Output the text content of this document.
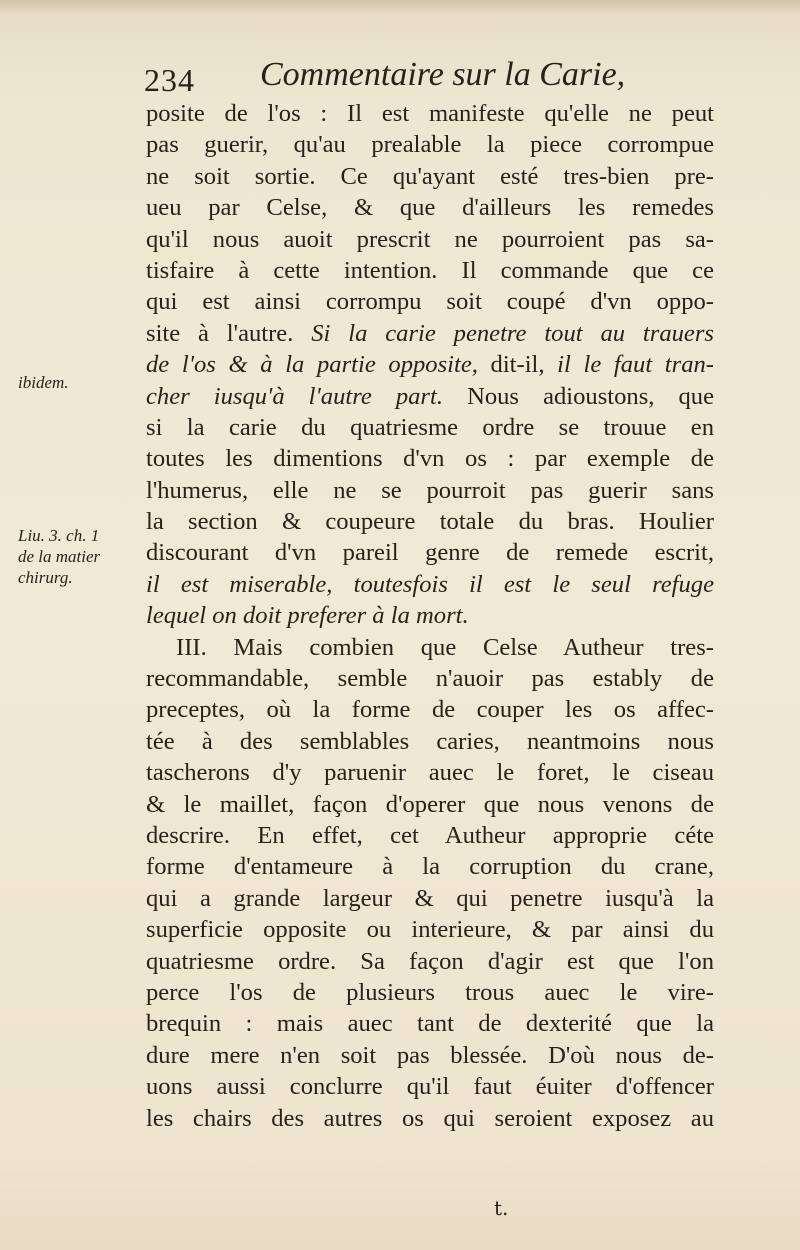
234 Commentaire sur la Carie,
ibidem.
Liu. 3. ch. 1
de la matier
chirurg.
posite de l'os : Il est manifeste qu'elle ne peut
pas guerir, qu'au prealable la piece corrompue
ne soit sortie. Ce qu'ayant esté tres-bien pre-
ueu par Celse, & que d'ailleurs les remedes
qu'il nous auoit prescrit ne pourroient pas sa-
tisfaire à cette intention. Il commande que ce
qui est ainsi corrompu soit coupé d'vn oppo-
site à l'autre. Si la carie penetre tout au trauers
de l'os & à la partie opposite, dit-il, il le faut tran-
cher iusqu'à l'autre part. Nous adioustons, que
si la carie du quatriesme ordre se trouue en
toutes les dimentions d'vn os : par exemple de
l'humerus, elle ne se pourroit pas guerir sans
la section & coupeure totale du bras. Houlier
discourant d'vn pareil genre de remede escrit,
il est miserable, toutesfois il est le seul refuge
lequel on doit preferer à la mort.
III. Mais combien que Celse Autheur tres-
recommandable, semble n'auoir pas estably de
preceptes, où la forme de couper les os affec-
tée à des semblables caries, neantmoins nous
tascherons d'y paruenir auec le foret, le ciseau
& le maillet, façon d'operer que nous venons de
descrire. En effet, cet Autheur approprie céte
forme d'entameure à la corruption du crane,
qui a grande largeur & qui penetre iusqu'à la
superficie opposite ou interieure, & par ainsi du
quatriesme ordre. Sa façon d'agir est que l'on
perce l'os de plusieurs trous auec le vire-
brequin : mais auec tant de dexterité que la
dure mere n'en soit pas blessée. D'où nous de-
uons aussi conclurre qu'il faut éuiter d'offencer
les chairs des autres os qui seroient exposez au
t.
